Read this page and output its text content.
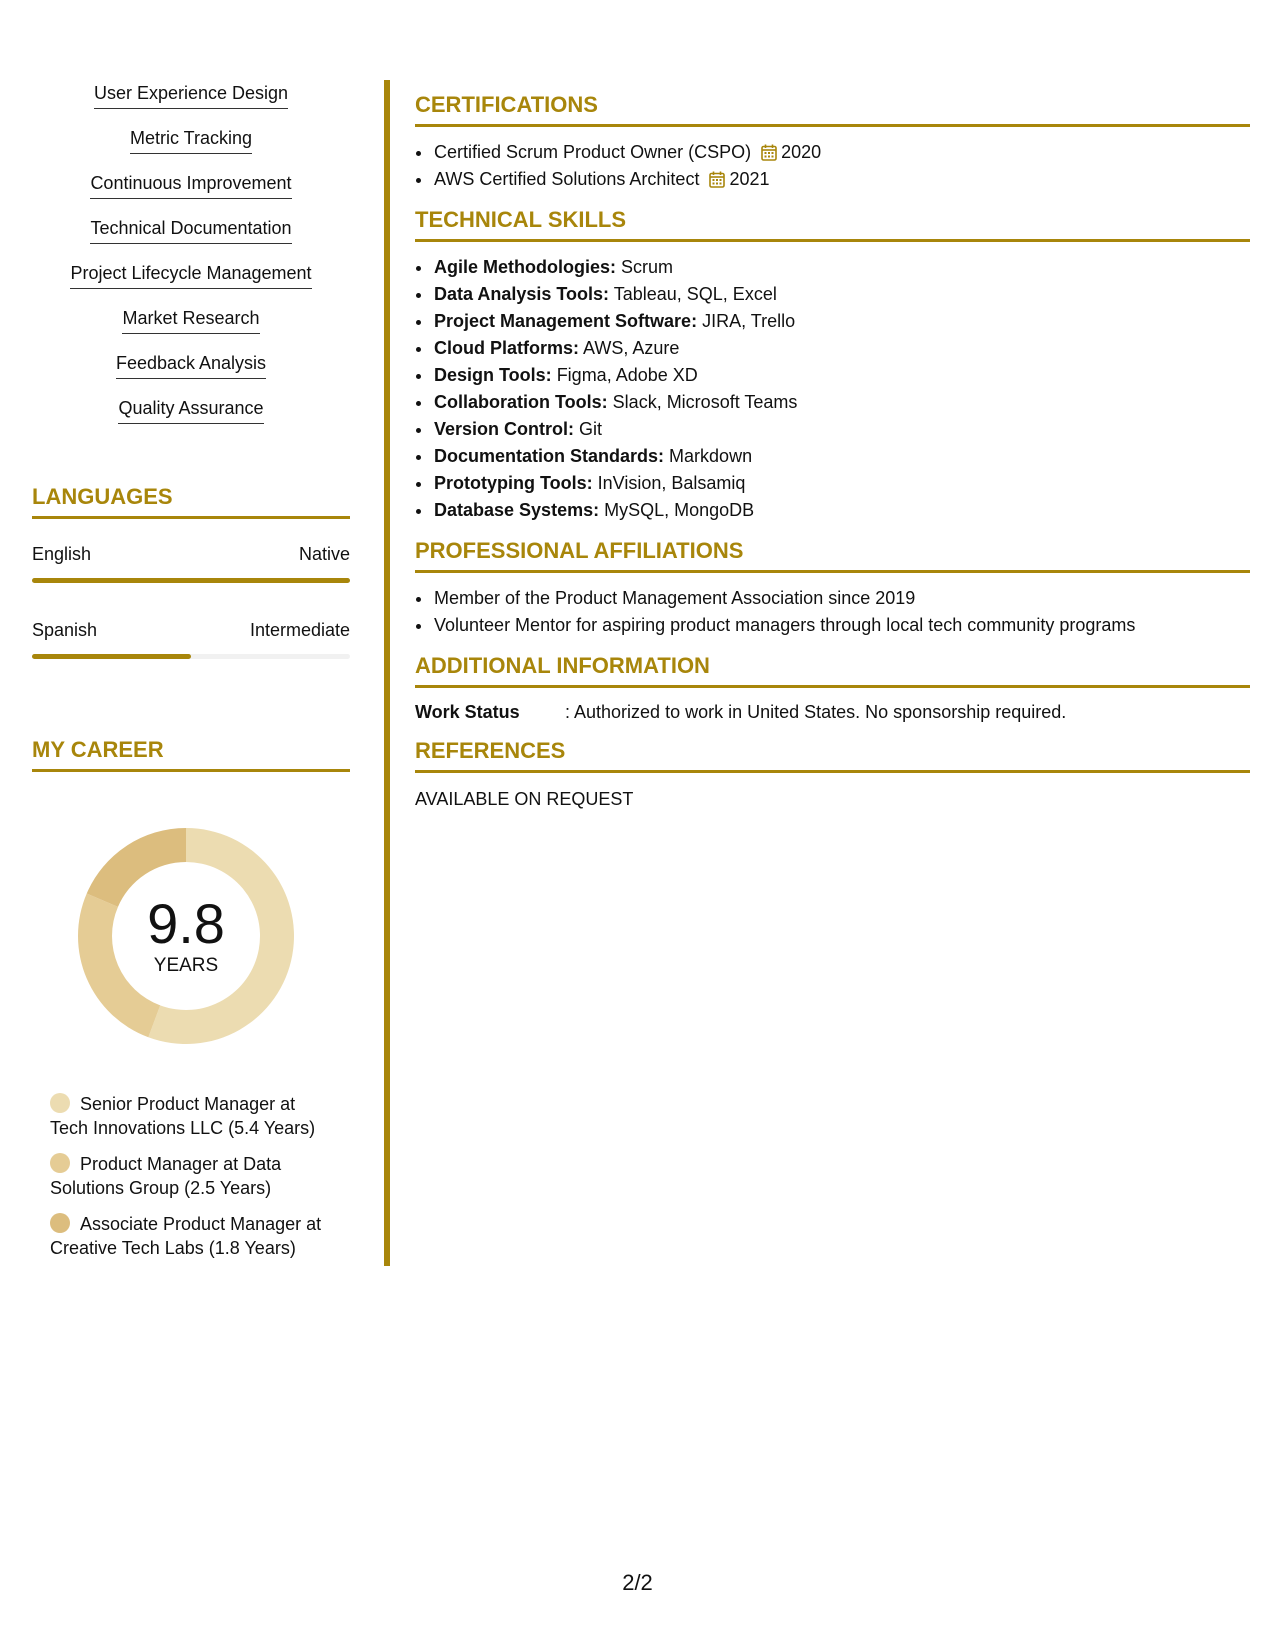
User Experience Design
Metric Tracking
Continuous Improvement
Technical Documentation
Project Lifecycle Management
Market Research
Feedback Analysis
Quality Assurance
LANGUAGES
English	Native
Spanish	Intermediate
MY CAREER
9.8
YEARS
Senior Product Manager at Tech Innovations LLC (5.4 Years)
Product Manager at Data Solutions Group (2.5 Years)
Associate Product Manager at Creative Tech Labs (1.8 Years)
CERTIFICATIONS
• Certified Scrum Product Owner (CSPO) 2020
• AWS Certified Solutions Architect 2021
TECHNICAL SKILLS
• Agile Methodologies: Scrum
• Data Analysis Tools: Tableau, SQL, Excel
• Project Management Software: JIRA, Trello
• Cloud Platforms: AWS, Azure
• Design Tools: Figma, Adobe XD
• Collaboration Tools: Slack, Microsoft Teams
• Version Control: Git
• Documentation Standards: Markdown
• Prototyping Tools: InVision, Balsamiq
• Database Systems: MySQL, MongoDB
PROFESSIONAL AFFILIATIONS
• Member of the Product Management Association since 2019
• Volunteer Mentor for aspiring product managers through local tech community programs
ADDITIONAL INFORMATION
Work Status	: Authorized to work in United States. No sponsorship required.
REFERENCES
AVAILABLE ON REQUEST
2/2
